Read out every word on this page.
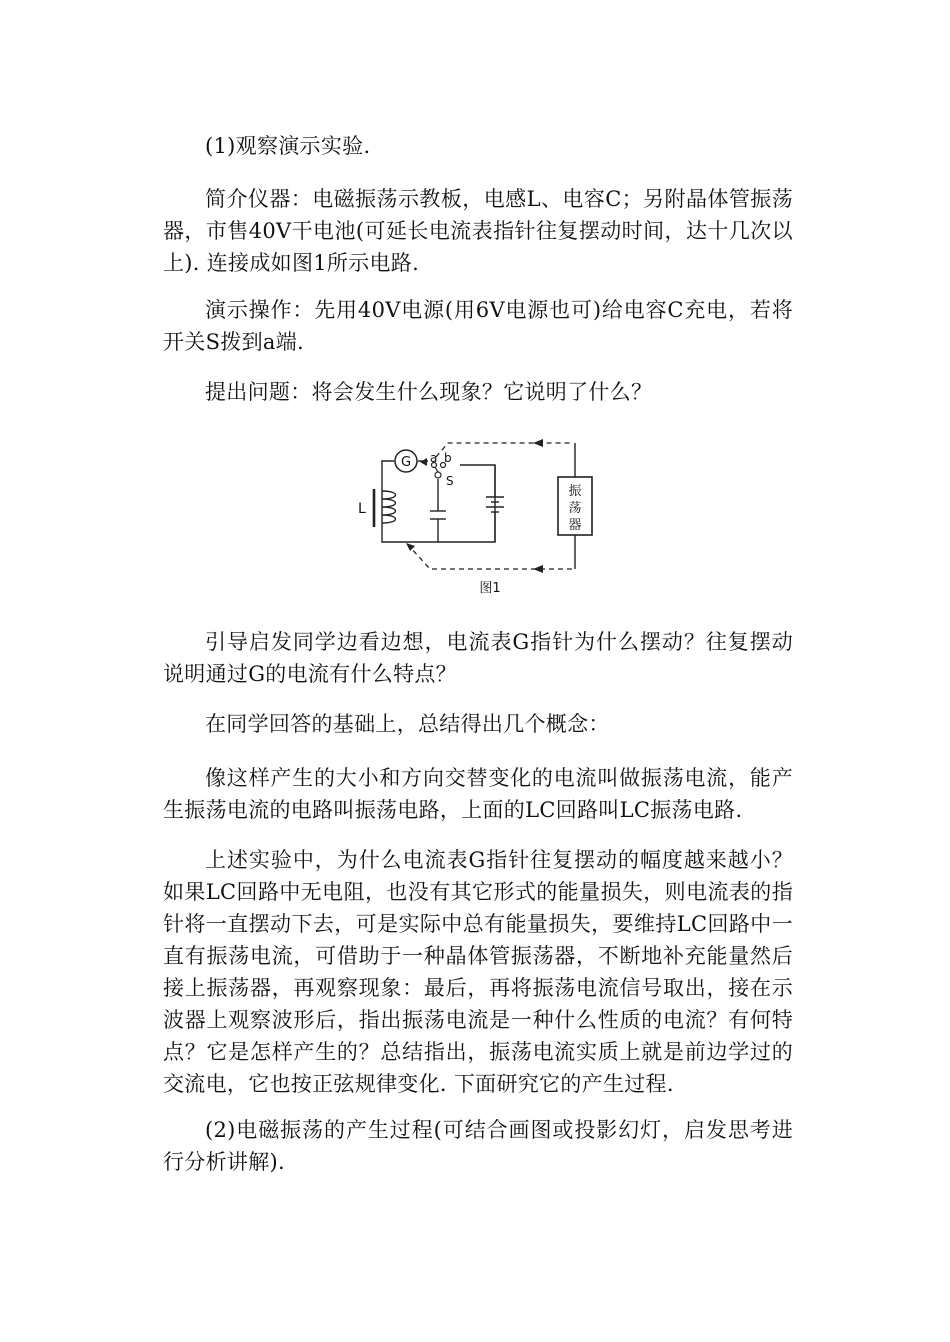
(1)观察演示实验.

简介仪器：电磁振荡示教板，电感L、电容C；另附晶体管振荡器，市售40V干电池(可延长电流表指针往复摆动时间，达十几次以上). 连接成如图1所示电路.

演示操作：先用40V电源(用6V电源也可)给电容C充电，若将开关S拨到a端.

提出问题：将会发生什么现象？它说明了什么？

G a b
S
L
振
荡
器
图1

引导启发同学边看边想，电流表G指针为什么摆动？往复摆动说明通过G的电流有什么特点？

在同学回答的基础上，总结得出几个概念：

像这样产生的大小和方向交替变化的电流叫做振荡电流，能产生振荡电流的电路叫振荡电路，上面的LC回路叫LC振荡电路.

上述实验中，为什么电流表G指针往复摆动的幅度越来越小？如果LC回路中无电阻，也没有其它形式的能量损失，则电流表的指针将一直摆动下去，可是实际中总有能量损失，要维持LC回路中一直有振荡电流，可借助于一种晶体管振荡器，不断地补充能量然后接上振荡器，再观察现象：最后，再将振荡电流信号取出，接在示波器上观察波形后，指出振荡电流是一种什么性质的电流？有何特点？它是怎样产生的？总结指出，振荡电流实质上就是前边学过的交流电，它也按正弦规律变化. 下面研究它的产生过程.

(2)电磁振荡的产生过程(可结合画图或投影幻灯，启发思考进行分析讲解).
